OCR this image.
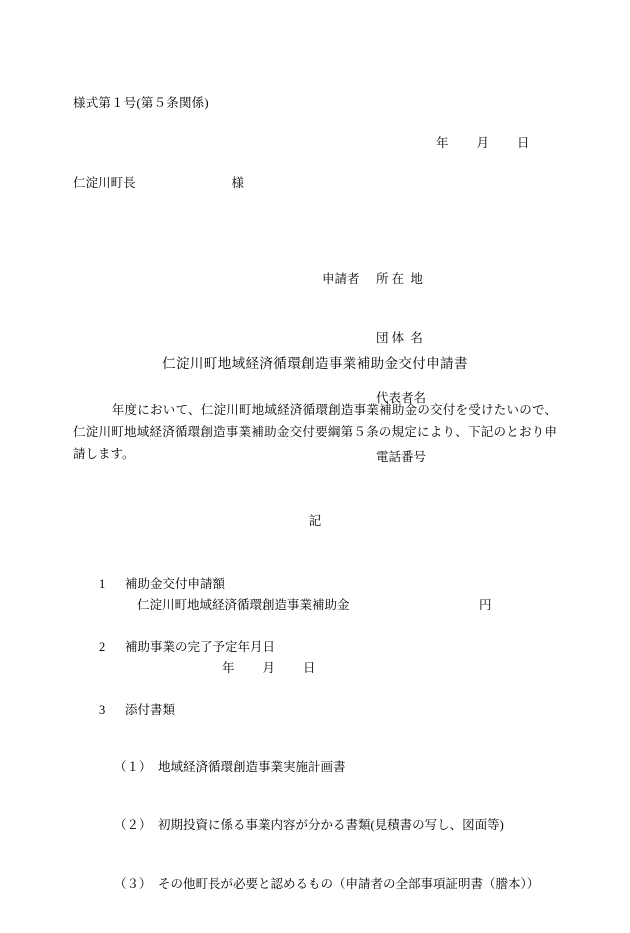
様式第１号(第５条関係)
年 月 日
仁淀川町長	様

申請者 所 在  地

団 体  名

代表者名

電話番号

仁淀川町地域経済循環創造事業補助金交付申請書
年度において、仁淀川町地域経済循環創造事業補助金の交付を受けたいので、仁淀川町地域経済循環創造事業補助金交付要綱第５条の規定により、下記のとおり申請します。
記
1 補助金交付申請額
仁淀川町地域経済循環創造事業補助金	円
2 補助事業の完了予定年月日
年 月 日
3 添付書類

（１） 地域経済循環創造事業実施計画書

（２） 初期投資に係る事業内容が分かる書類(見積書の写し、図面等)

（３） その他町長が必要と認めるもの（申請者の全部事項証明書（謄本））
